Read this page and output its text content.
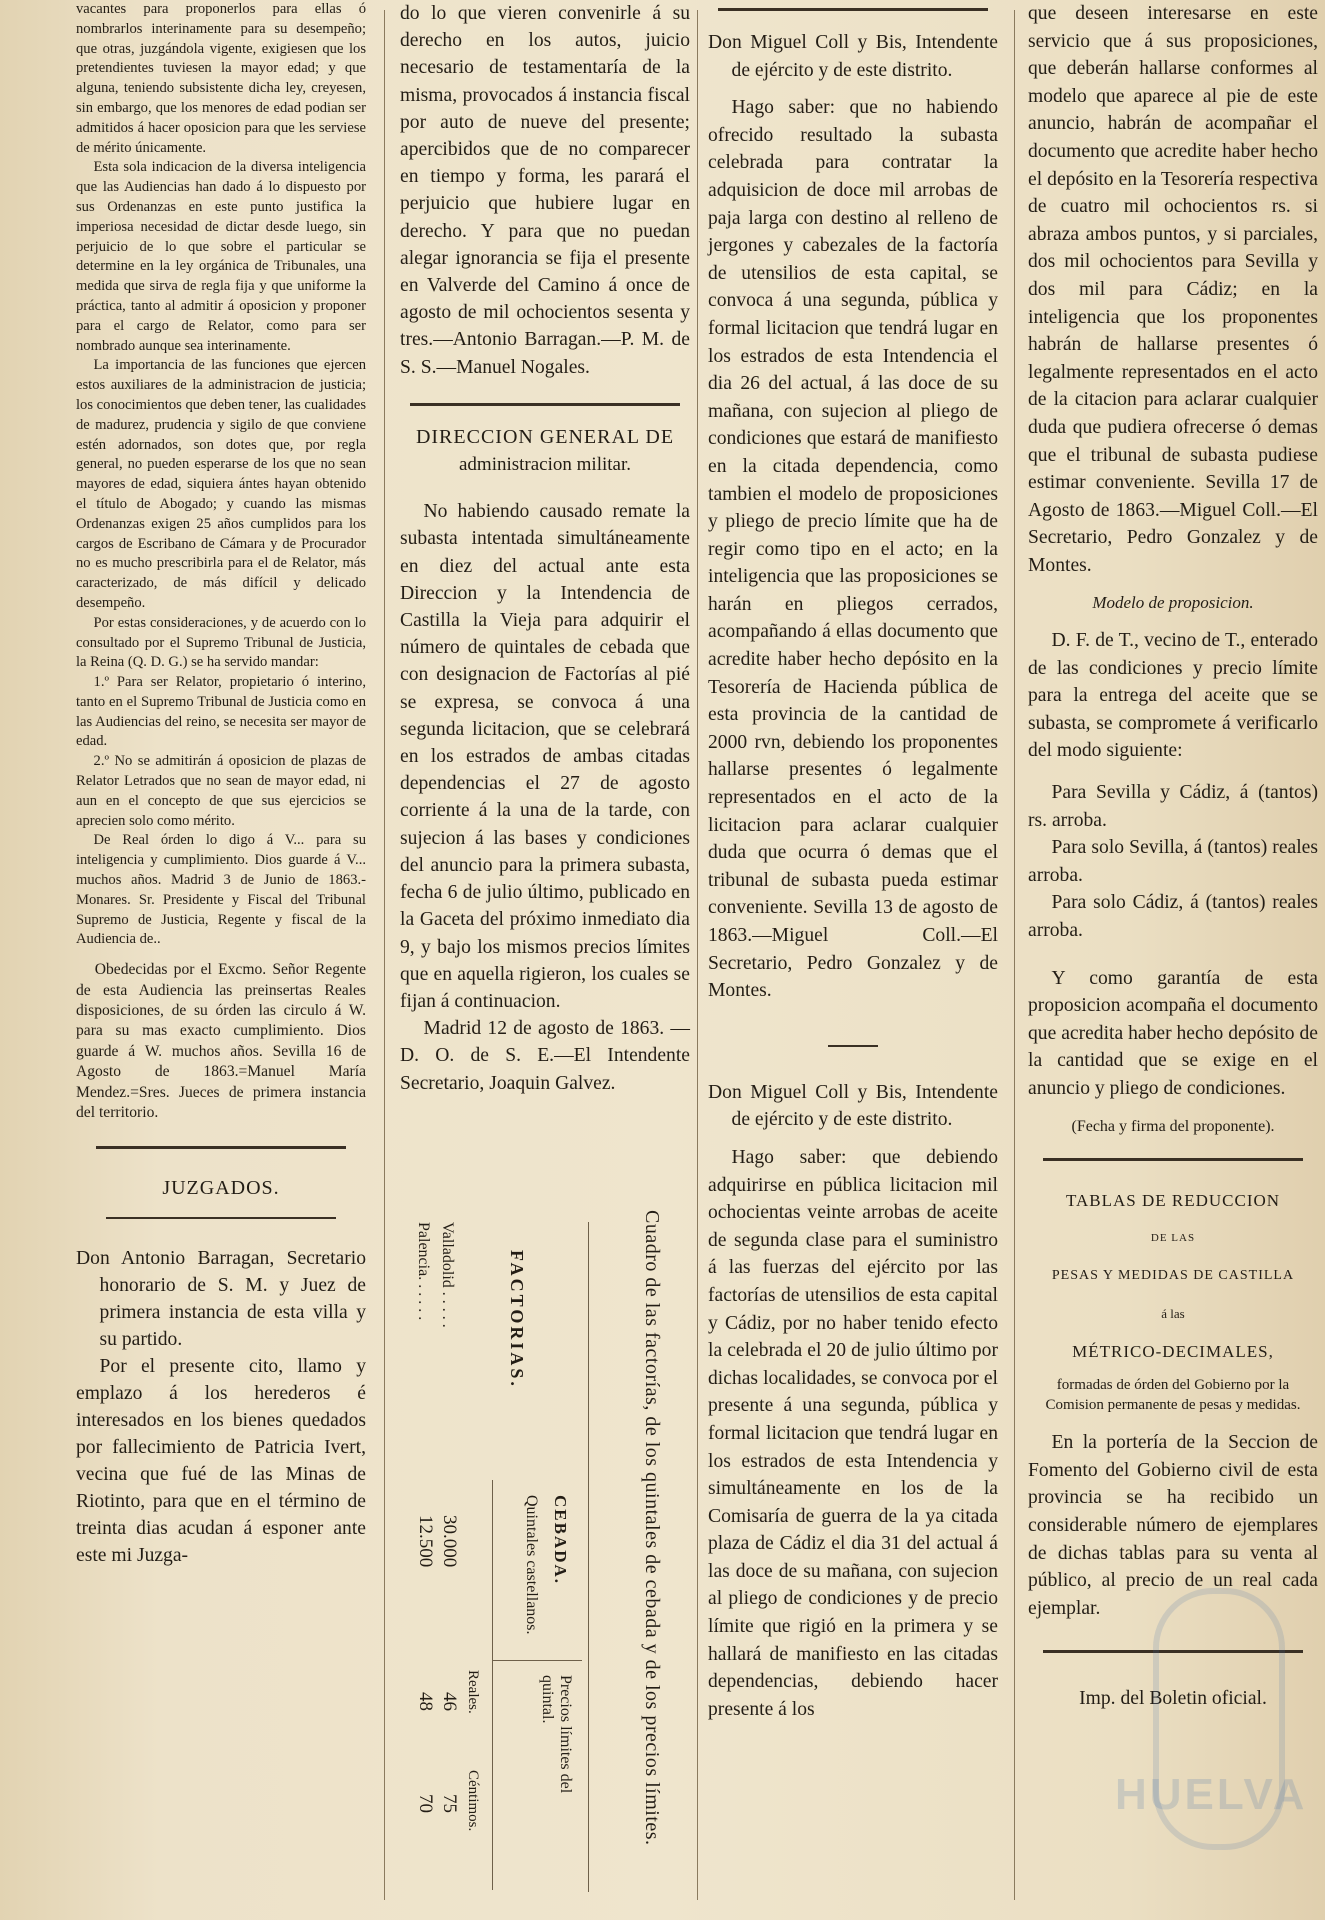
vacantes para proponerlos para ellas ó nombrarlos interinamente para su desempeño; que otras, juzgándola vigente, exigiesen que los pretendientes tuviesen la mayor edad; y que alguna, teniendo subsistente dicha ley, creyesen, sin embargo, que los menores de edad podian ser admitidos á hacer oposicion para que les serviese de mérito únicamente.

Esta sola indicacion de la diversa inteligencia que las Audiencias han dado á lo dispuesto por sus Ordenanzas en este punto justifica la imperiosa necesidad de dictar desde luego, sin perjuicio de lo que sobre el particular se determine en la ley orgánica de Tribunales, una medida que sirva de regla fija y que uniforme la práctica, tanto al admitir á oposicion y proponer para el cargo de Relator, como para ser nombrado aunque sea interinamente.

La importancia de las funciones que ejercen estos auxiliares de la administracion de justicia; los conocimientos que deben tener, las cualidades de madurez, prudencia y sigilo de que conviene estén adornados, son dotes que, por regla general, no pueden esperarse de los que no sean mayores de edad, siquiera ántes hayan obtenido el título de Abogado; y cuando las mismas Ordenanzas exigen 25 años cumplidos para los cargos de Escribano de Cámara y de Procurador no es mucho prescribirla para el de Relator, más caracterizado, de más difícil y delicado desempeño.

Por estas consideraciones, y de acuerdo con lo consultado por el Supremo Tribunal de Justicia, la Reina (Q. D. G.) se ha servido mandar:

1.º Para ser Relator, propietario ó interino, tanto en el Supremo Tribunal de Justicia como en las Audiencias del reino, se necesita ser mayor de edad.

2.º No se admitirán á oposicion de plazas de Relator Letrados que no sean de mayor edad, ni aun en el concepto de que sus ejercicios se aprecien solo como mérito.

De Real órden lo digo á V... para su inteligencia y cumplimiento. Dios guarde á V... muchos años. Madrid 3 de Junio de 1863.-Monares. Sr. Presidente y Fiscal del Tribunal Supremo de Justicia, Regente y fiscal de la Audiencia de..

Obedecidas por el Excmo. Señor Regente de esta Audiencia las preinsertas Reales disposiciones, de su órden las circulo á W. para su mas exacto cumplimiento. Dios guarde á W. muchos años. Sevilla 16 de Agosto de 1863.=Manuel María Mendez.=Sres. Jueces de primera instancia del territorio.

JUZGADOS.

Don Antonio Barragan, Secretario honorario de S. M. y Juez de primera instancia de esta villa y su partido.

Por el presente cito, llamo y emplazo á los herederos é interesados en los bienes quedados por fallecimiento de Patricia Ivert, vecina que fué de las Minas de Riotinto, para que en el término de treinta dias acudan á esponer ante este mi Juzga-

do lo que vieren convenirle á su derecho en los autos, juicio necesario de testamentaría de la misma, provocados á instancia fiscal por auto de nueve del presente; apercibidos que de no comparecer en tiempo y forma, les parará el perjuicio que hubiere lugar en derecho. Y para que no puedan alegar ignorancia se fija el presente en Valverde del Camino á once de agosto de mil ochocientos sesenta y tres.—Antonio Barragan.—P. M. de S. S.—Manuel Nogales.

DIRECCION GENERAL DE

administracion militar.

No habiendo causado remate la subasta intentada simultáneamente en diez del actual ante esta Direccion y la Intendencia de Castilla la Vieja para adquirir el número de quintales de cebada que con designacion de Factorías al pié se expresa, se convoca á una segunda licitacion, que se celebrará en los estrados de ambas citadas dependencias el 27 de agosto corriente á la una de la tarde, con sujecion á las bases y condiciones del anuncio para la primera subasta, fecha 6 de julio último, publicado en la Gaceta del próximo inmediato dia 9, y bajo los mismos precios límites que en aquella rigieron, los cuales se fijan á continuacion.

Madrid 12 de agosto de 1863. —D. O. de S. E.—El Intendente Secretario, Joaquin Galvez.

Cuadro de las factorías, de los quintales de cebada y de los precios límites.
FACTORIAS.
CEBADA.
Quintales castellanos.
Precios límites del quintal.
Reales.
Céntimos.
Valladolid . . . . .
Palencia. . . . . .
30.000
12.500
46
48
75
70

Don Miguel Coll y Bis, Intendente de ejército y de este distrito.

Hago saber: que no habiendo ofrecido resultado la subasta celebrada para contratar la adquisicion de doce mil arrobas de paja larga con destino al relleno de jergones y cabezales de la factoría de utensilios de esta capital, se convoca á una segunda, pública y formal licitacion que tendrá lugar en los estrados de esta Intendencia el dia 26 del actual, á las doce de su mañana, con sujecion al pliego de condiciones que estará de manifiesto en la citada dependencia, como tambien el modelo de proposiciones y pliego de precio límite que ha de regir como tipo en el acto; en la inteligencia que las proposiciones se harán en pliegos cerrados, acompañando á ellas documento que acredite haber hecho depósito en la Tesorería de Hacienda pública de esta provincia de la cantidad de 2000 rvn, debiendo los proponentes hallarse presentes ó legalmente representados en el acto de la licitacion para aclarar cualquier duda que ocurra ó demas que el tribunal de subasta pueda estimar conveniente. Sevilla 13 de agosto de 1863.—Miguel Coll.—El Secretario, Pedro Gonzalez y de Montes.

Don Miguel Coll y Bis, Intendente de ejército y de este distrito.

Hago saber: que debiendo adquirirse en pública licitacion mil ochocientas veinte arrobas de aceite de segunda clase para el suministro á las fuerzas del ejército por las factorías de utensilios de esta capital y Cádiz, por no haber tenido efecto la celebrada el 20 de julio último por dichas localidades, se convoca por el presente á una segunda, pública y formal licitacion que tendrá lugar en los estrados de esta Intendencia y simultáneamente en los de la Comisaría de guerra de la ya citada plaza de Cádiz el dia 31 del actual á las doce de su mañana, con sujecion al pliego de condiciones y de precio límite que rigió en la primera y se hallará de manifiesto en las citadas dependencias, debiendo hacer presente á los

que deseen interesarse en este servicio que á sus proposiciones, que deberán hallarse conformes al modelo que aparece al pie de este anuncio, habrán de acompañar el documento que acredite haber hecho el depósito en la Tesorería respectiva de cuatro mil ochocientos rs. si abraza ambos puntos, y si parciales, dos mil ochocientos para Sevilla y dos mil para Cádiz; en la inteligencia que los proponentes habrán de hallarse presentes ó legalmente representados en el acto de la citacion para aclarar cualquier duda que pudiera ofrecerse ó demas que el tribunal de subasta pudiese estimar conveniente. Sevilla 17 de Agosto de 1863.—Miguel Coll.—El Secretario, Pedro Gonzalez y de Montes.

Modelo de proposicion.

D. F. de T., vecino de T., enterado de las condiciones y precio límite para la entrega del aceite que se subasta, se compromete á verificarlo del modo siguiente:

Para Sevilla y Cádiz, á (tantos) rs. arroba.

Para solo Sevilla, á (tantos) reales arroba.

Para solo Cádiz, á (tantos) reales arroba.

Y como garantía de esta proposicion acompaña el documento que acredita haber hecho depósito de la cantidad que se exige en el anuncio y pliego de condiciones.

(Fecha y firma del proponente).

TABLAS DE REDUCCION

DE LAS

PESAS Y MEDIDAS DE CASTILLA

á las

MÉTRICO-DECIMALES,

formadas de órden del Gobierno por la Comision permanente de pesas y medidas.

En la portería de la Seccion de Fomento del Gobierno civil de esta provincia se ha recibido un considerable número de ejemplares de dichas tablas para su venta al público, al precio de un real cada ejemplar.

Imp. del Boletin oficial.

HUELVA
